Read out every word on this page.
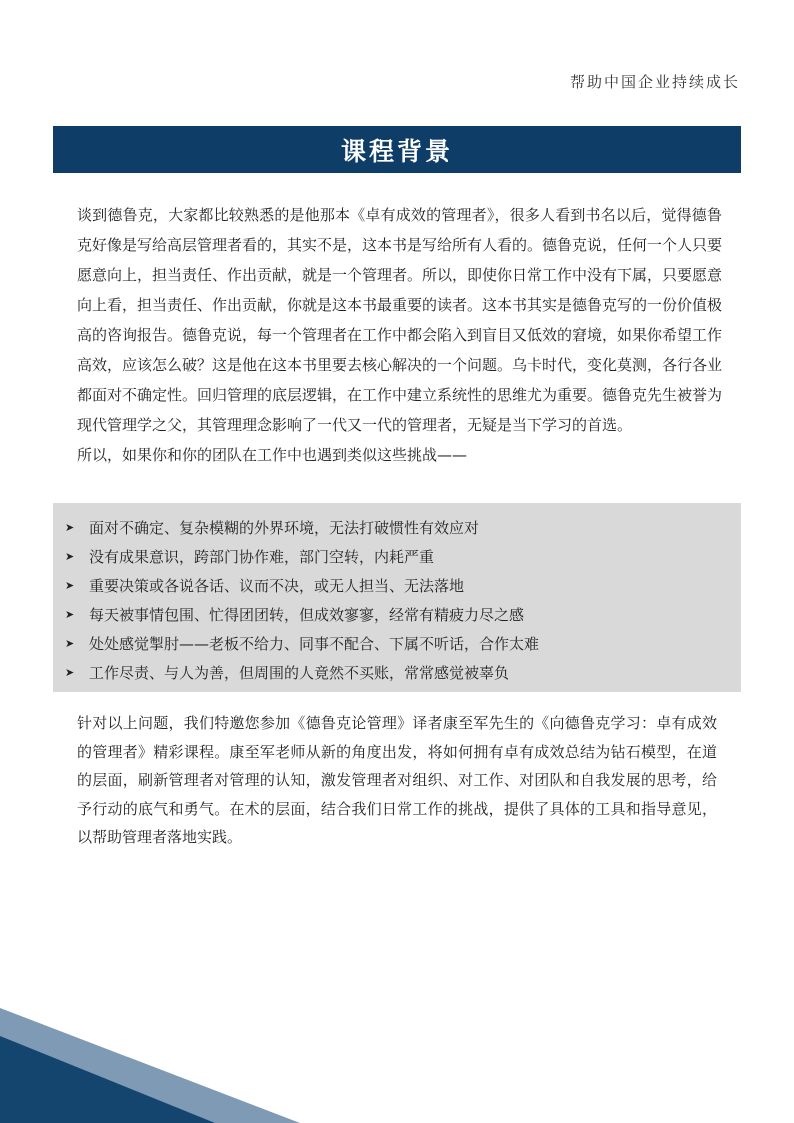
帮助中国企业持续成长
课程背景

谈到德鲁克，大家都比较熟悉的是他那本《卓有成效的管理者》，很多人看到书名以后，觉得德鲁克好像是写给高层管理者看的，其实不是，这本书是写给所有人看的。德鲁克说，任何一个人只要愿意向上，担当责任、作出贡献，就是一个管理者。所以，即使你日常工作中没有下属，只要愿意向上看，担当责任、作出贡献，你就是这本书最重要的读者。这本书其实是德鲁克写的一份价值极高的咨询报告。德鲁克说，每一个管理者在工作中都会陷入到盲目又低效的窘境，如果你希望工作高效，应该怎么破？这是他在这本书里要去核心解决的一个问题。乌卡时代，变化莫测，各行各业都面对不确定性。回归管理的底层逻辑，在工作中建立系统性的思维尤为重要。德鲁克先生被誉为现代管理学之父，其管理理念影响了一代又一代的管理者，无疑是当下学习的首选。

所以，如果你和你的团队在工作中也遇到类似这些挑战——

➤ 面对不确定、复杂模糊的外界环境，无法打破惯性有效应对
➤ 没有成果意识，跨部门协作难，部门空转，内耗严重
➤ 重要决策或各说各话、议而不决，或无人担当、无法落地
➤ 每天被事情包围、忙得团团转，但成效寥寥，经常有精疲力尽之感
➤ 处处感觉掣肘——老板不给力、同事不配合、下属不听话，合作太难
➤ 工作尽责、与人为善，但周围的人竟然不买账，常常感觉被辜负

针对以上问题，我们特邀您参加《德鲁克论管理》译者康至军先生的《向德鲁克学习：卓有成效的管理者》精彩课程。康至军老师从新的角度出发，将如何拥有卓有成效总结为钻石模型，在道的层面，刷新管理者对管理的认知，激发管理者对组织、对工作、对团队和自我发展的思考，给予行动的底气和勇气。在术的层面，结合我们日常工作的挑战，提供了具体的工具和指导意见，以帮助管理者落地实践。
